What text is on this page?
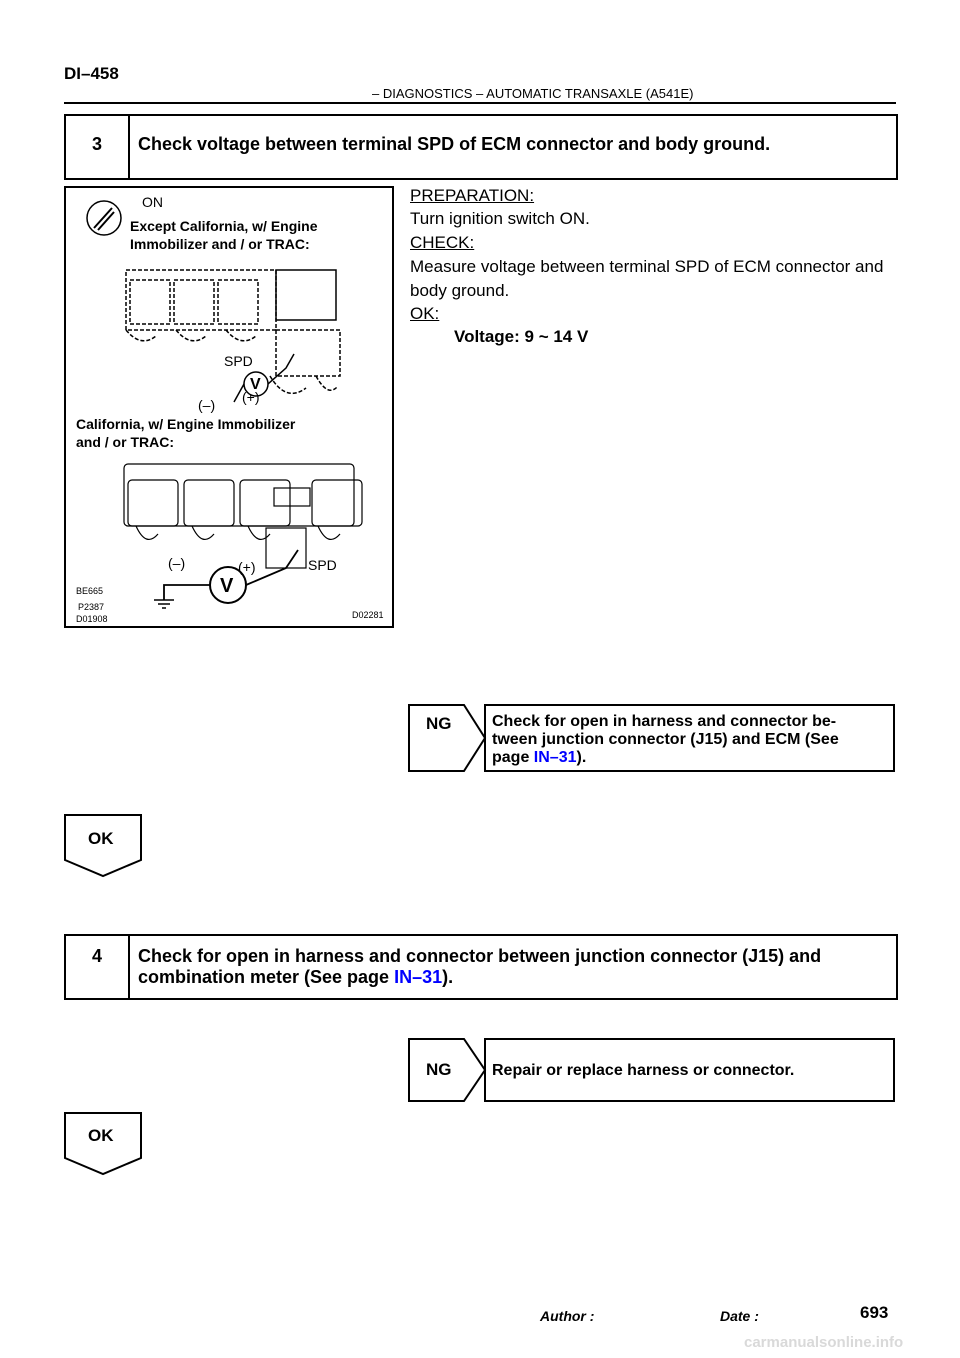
DI–458
– DIAGNOSTICS – AUTOMATIC TRANSAXLE (A541E)
3	Check voltage between terminal SPD of ECM connector and body ground.
ON
Except California, w/ Engine
Immobilizer and / or TRAC:
SPD
V
(–) (+)
California, w/ Engine Immobilizer
and / or TRAC:
(–)	(+)
V
SPD
BE665
P2387
D01908	D02281
PREPARATION:
Turn ignition switch ON.
CHECK:
Measure voltage between terminal SPD of ECM connector and
body ground.
OK:
Voltage: 9 ~ 14 V
NG	Check for open in harness and connector be-
tween junction connector (J15) and ECM (See
page IN–31).
OK
4	Check for open in harness and connector between junction connector (J15) and
combination meter (See page IN–31).
NG	Repair or replace harness or connector.
OK
Author :	Date :	693
carmanualsonline.info
